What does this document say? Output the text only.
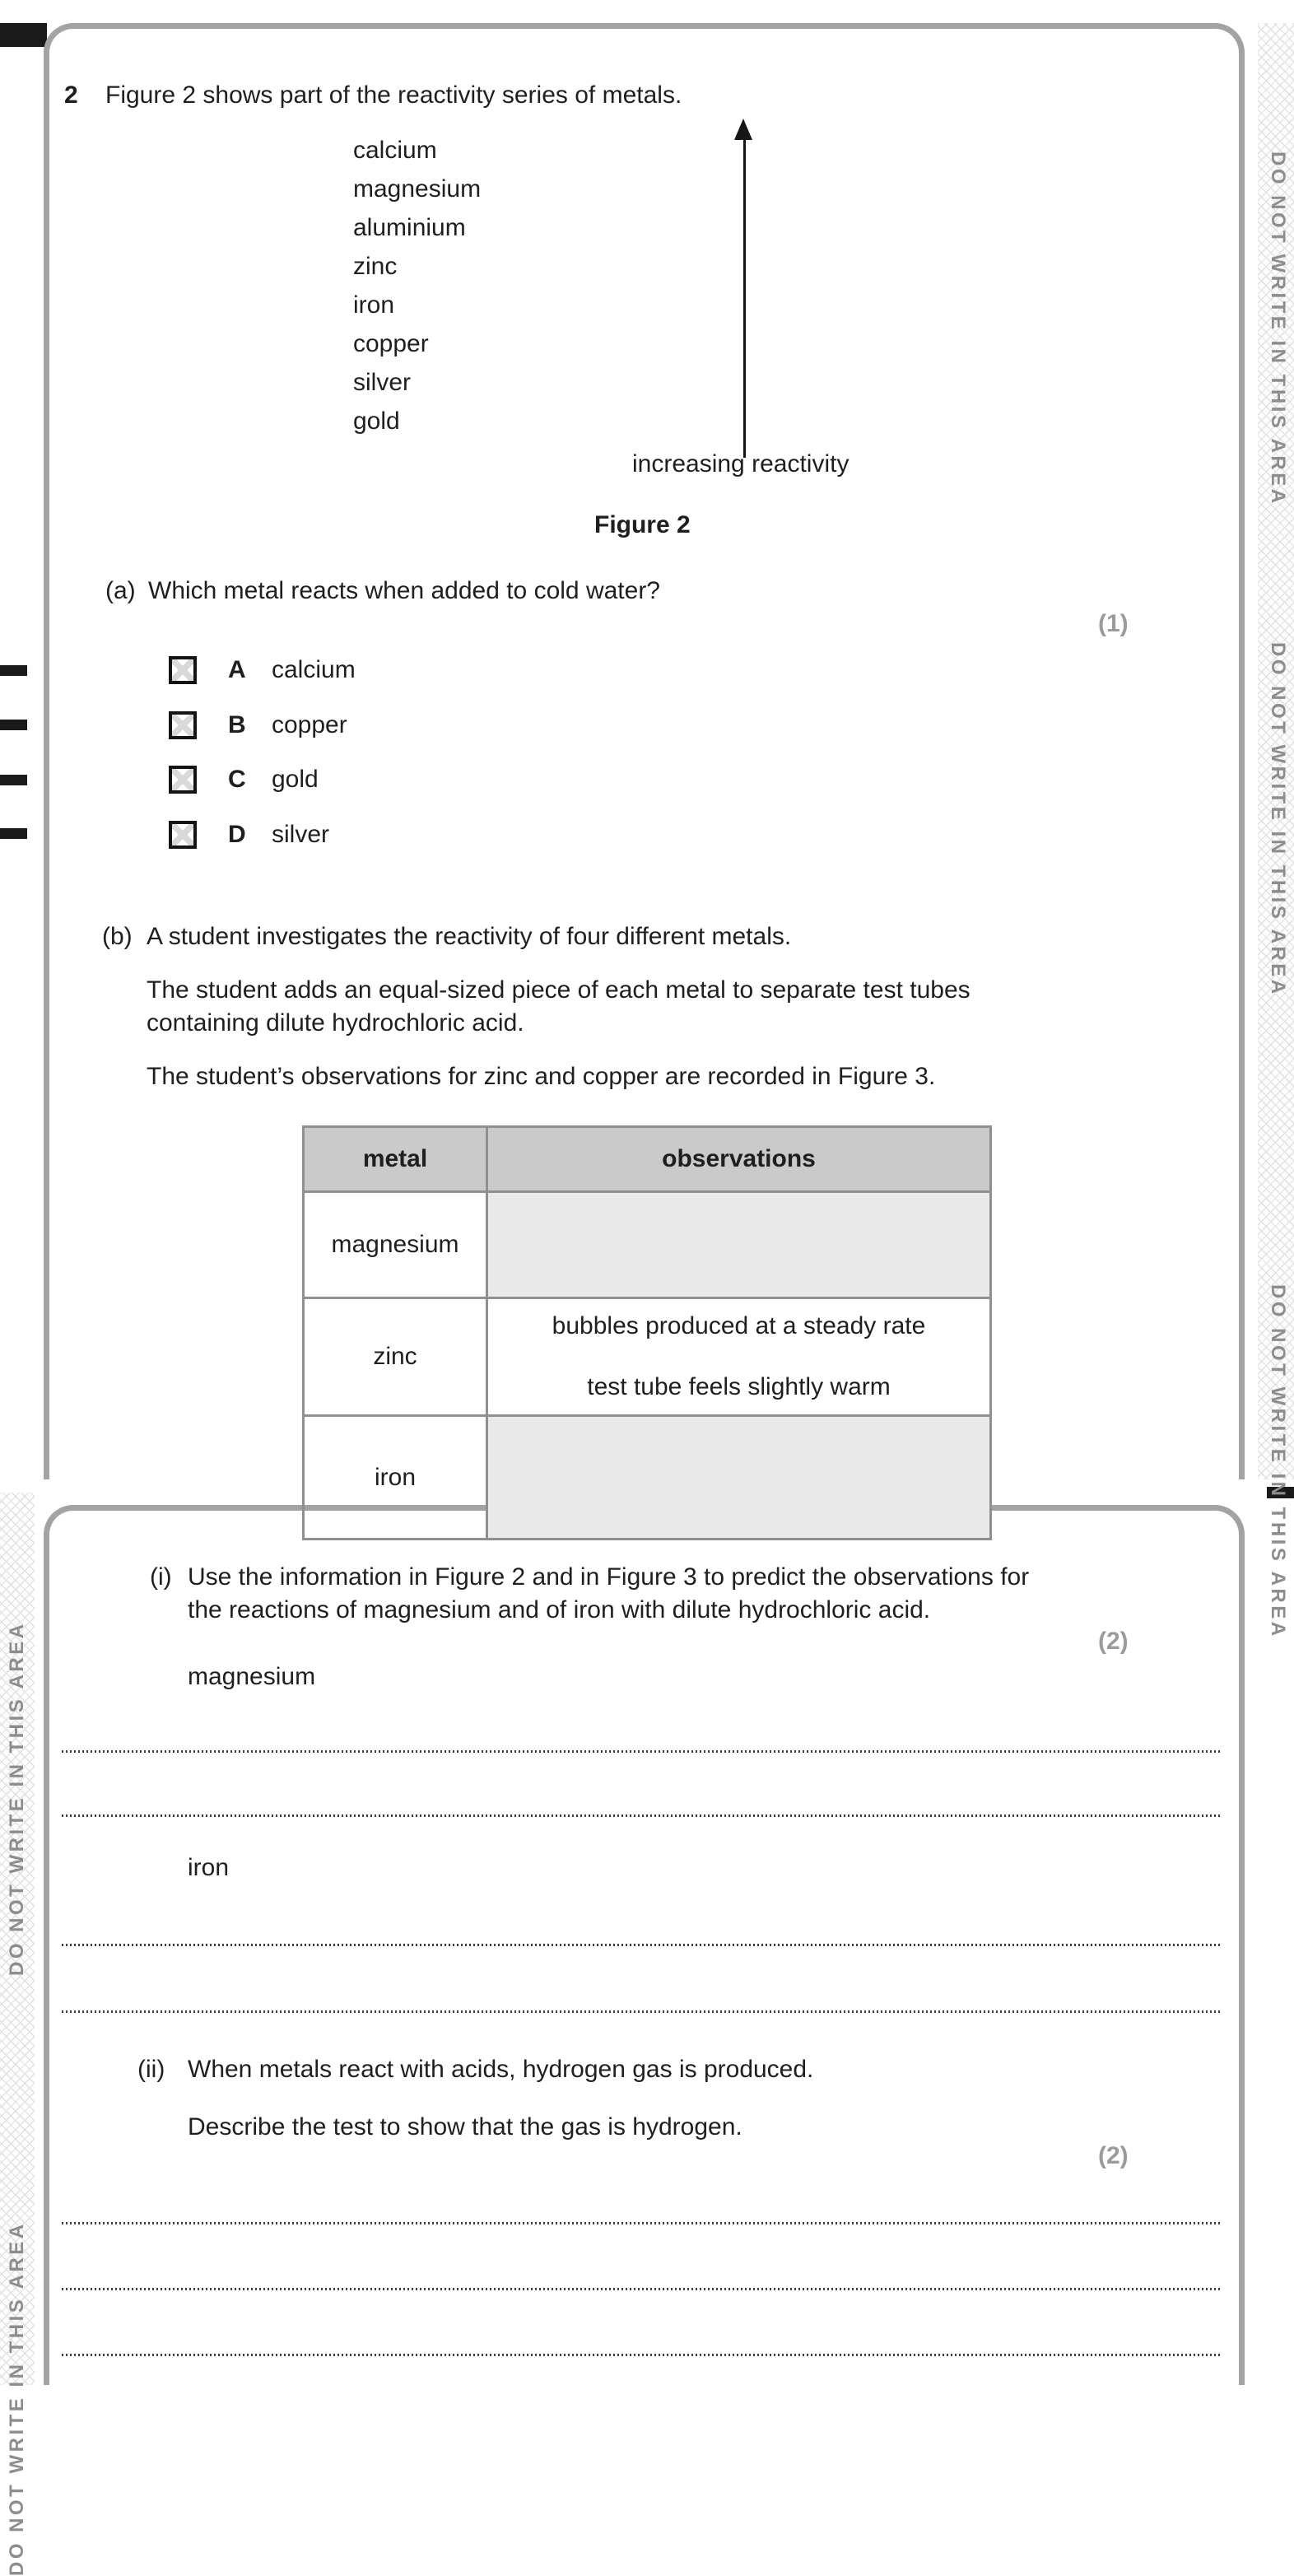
DO NOT WRITE IN THIS AREA
DO NOT WRITE IN THIS AREA
DO NOT WRITE IN THIS AREA
DO NOT WRITE IN THIS AREA
DO NOT WRITE IN THIS AREA
2 Figure 2 shows part of the reactivity series of metals.
calcium
magnesium
aluminium
zinc
iron
copper
silver
gold
increasing reactivity
Figure 2
(a) Which metal reacts when added to cold water?
(1)
A calcium
B copper
C gold
D silver
(b) A student investigates the reactivity of four different metals.
The student adds an equal-sized piece of each metal to separate test tubes
containing dilute hydrochloric acid.
The student’s observations for zinc and copper are recorded in Figure 3.
metal	observations
magnesium	
zinc	bubbles produced at a steady rate
test tube feels slightly warm

iron	
(i) Use the information in Figure 2 and in Figure 3 to predict the observations for
the reactions of magnesium and of iron with dilute hydrochloric acid.
(2)
magnesium
iron
(ii) When metals react with acids, hydrogen gas is produced.
Describe the test to show that the gas is hydrogen.
(2)
